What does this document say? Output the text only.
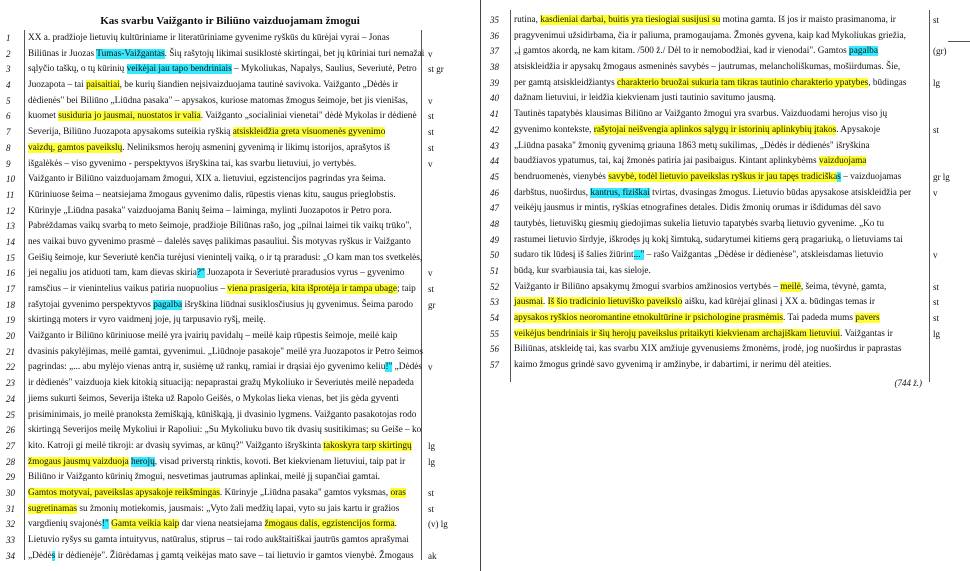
Kas svarbu Vaižganto ir Biliūno vaizduojamam žmogui
1	XX a. pradžioje lietuvių kultūriniame ir literatūriniame gyvenime ryškūs du kūrėjai vyrai – Jonas
2	Biliūnas ir Juozas Tumas-Vaižgantas. Šių rašytojų likimai susiklostė skirtingai, bet jų kūriniai turi nemažai v
3	sąlyčio taškų, o tų kūrinių veikėjai jau tapo bendriniais – Mykoliukas, Napalys, Saulius, Severiutė, Petro st gr
4	Juozapota – tai paisaitiai, be kurių šiandien neįsivaizduojama tautinė savivoka. Vaižganto „Dėdės ir
5	dėdienės" bei Biliūno „Liūdna pasaka" – apysakos, kuriose matomas žmogus šeimoje, bet jis vienišas,	v
6	kuomet susiduria jo jausmai, nuostatos ir valia. Vaižganto „socialiniai vienetai" dėdė Mykolas ir dėdienė st
7	Severija, Biliūno Juozapota apysakoms suteikia ryškią atsiskleidžia greta visuomenės gyvenimo	st
8	vaizdų, gamtos paveikslų. Neliniksmos herojų asmeninį gyvenimą ir likimų istorijos, aprašytos iš	st
9	išgalėkės – viso gyvenimo - perspektyvos išryškina tai, kas svarbu lietuviui, jo vertybės.	v
10	Vaižganto ir Biliūno vaizduojamam žmogui, XIX a. lietuviui, egzistencijos pagrindas yra šeima.
11	Kūriniuose šeima – neatsiejama žmogaus gyvenimo dalis, rūpestis vienas kitu, saugus prieglobstis.
12	Kūrinyje „Liūdna pasaka" vaizduojama Banių šeima – laiminga, mylinti Juozapotos ir Petro pora.
13	Pabrėždamas vaikų svarbą to meto šeimoje, pradžioje Biliūnas rašo, jog „pilnai laimei tik vaikų trūko",
14	nes vaikai buvo gyvenimo prasmė – dalelės savęs palikimas pasauliui. Šis motyvas ryškus ir Vaižganto
15	Geišių šeimoje, kur Severiutė kenčia turėjusi vienintelį vaiką, o ir tą praradusi: „O kam man tos svetkelės,
16	jei negaliu jos atiduoti tam, kam dievas skiria?" Juozapota ir Severiutė praradusios vyrus – gyvenimo	v
17	ramsčius – ir vienintelius vaikus patiria nuopuolius – viena prasigeria, kita išprotėja ir tampa ubage; taip st
18	rašytojai gyvenimo perspektyvos pagalba išryškina liūdnai susiklosčiusius jų gyvenimus. Šeima parodo	gr
19	skirtingą moters ir vyro vaidmenį joje, jų tarpusavio ryšį, meilę.
20	Vaižganto ir Biliūno kūriniuose meilė yra įvairių pavidalų – meilė kaip rūpestis šeimoje, meilė kaip
21	dvasinis pakylėjimas, meilė gamtai, gyvenimui. „Liūdnoje pasakoje" meilė yra Juozapotos ir Petro šeimos
22	pagrindas: „... abu mylėjo vienas antrą ir, susiėmę už rankų, ramiai ir drąsiai ėjo gyvenimo keliu!" „Dėdės v
23	ir dėdienės" vaizduoja kiek kitokią situaciją: nepaprastai gražų Mykoliuko ir Severiutės meilė nepadeda
24	jiems sukurti šeimos, Severija išteka už Rapolo Geišės, o Mykolas lieka vienas, bet jis gėda gyventi
25	prisiminimais, jo meilė pranoksta žemiškąją, kūniškąją, ji dvasinio lygmens. Vaižganto pasakotojas rodo
26	skirtingą Severijos meilę Mykoliui ir Rapoliui: „Su Mykoliuku buvo tik dvasių susitikimas; su Geiše – ko
27	kito. Katroji gi meilė tikroji: ar dvasių syvimas, ar kūnų?" Vaižganto išryškinta takoskyra tarp skirtingų	lg
28	žmogaus jausmų vaizduoja herojų, visad priverstą rinktis, kovoti. Bet kiekvienam lietuviui, taip pat ir	lg
29	Biliūno ir Vaižganto kūrinių žmogui, nesvetimas jautrumas aplinkai, meilė jį supančiai gamtai.
30	Gamtos motyvai, paveikslas apysakoje reikšmingas. Kūrinyje „Liūdna pasaka" gamtos vyksmas, oras	st
31	sugretinamas su žmonių motiekomis, jausmais: „Vyto žali medžių lapai, vyto su jais kartu ir gražios	st
32	vargdienių svajonės!" Gamta veikia kaip dar viena neatsiejama žmogaus dalis, egzistencijos forma.	(v) lg
33	Lietuvio ryšys su gamta intuityvus, natūralus, stiprus – tai rodo aukštaitiškai jautrūs gamtos aprašymai
34	„Dėdės ir dėdienėje". Žiūrėdamas į gamtą veikėjas mato save – tai lietuvio ir gamtos vienybė. Žmogaus	ak
35	rutina, kasdieniai darbai, buitis yra tiesiogiai susijusi su motina gamta. Iš jos ir maisto prasimanoma, ir	st
36	pragyvenimui užsidirbama, čia ir paliuma, pramogaujama. Žmonės gyvena, kaip kad Mykoliukas griežia,
37	„į gamtos akordą, ne kam kitam. /500 ž./ Dėl to ir nemobodžiai, kad ir vienodai". Gamtos pagalba	(gr)
38	atsiskleidžia ir apysakų žmogaus asmeninės savybės – jautrumas, melancholiškumas, mošiirdumas. Šie,
39	per gamtą atsiskleidžiantys charakterio bruožai sukuria tam tikras tautinio charakterio ypatybes, būdingas	lg
40	dažnam lietuviui, ir leidžia kiekvienam justi tautinio savitumo jausmą.
41	Tautinės tapatybės klausimas Biliūno ar Vaižganto žmogui yra svarbus. Vaizduodami herojus viso jų
42	gyvenimo kontekste, rašytojai neišvengia aplinkos sąlygų ir istorinių aplinkybių įtakos. Apysakoje	st
43	„Liūdna pasaka" žmonių gyvenimą griauna 1863 metų sukilimas, „Dėdės ir dėdienės" išryškina
44	baudžiavos ypatumus, tai, kaį žmonės patiria jai pasibaigus. Kintant aplinkybėms vaizduojama
45	bendruomenės, vienybės savybė, todėl lietuvio paveikslas ryškus ir jau tapęs tradiciškas – vaizduojamas	gr lg
46	darbštus, nuoširdus, kantrus, fiziškai tvirtas, dvasingas žmogus. Lietuvio būdas apysakose atsiskleidžia per v
47	veikėjų jausmus ir mintis, ryškias etnografines detales. Didis žmonių orumas ir išdidumas dėl savo
48	tautybės, lietuviškų giesmių giedojimas sukelia lietuvio tapatybės svarbą lietuvio gyvenime. „Ko tu
49	rastumei lietuvio širdyje, iškrodęs jų kokį šimtuką, sudarytumei kitiems gerą pragariuką, o lietuviams tai
50	sudaro tik lūdesį iš šalies žiūrint..." – rašo Vaižgantas „Dėdėse ir dėdienėse", atskleisdamas lietuvio	v
51	būdą, kur svarbiausia tai, kas sieloje.
52	Vaižganto ir Biliūno apsakymų žmogui svarbios amžinosios vertybės – meilė, šeima, tėvynė, gamta,	st
53	jausmai. Iš šio tradicinio lietuviško paveikslo aišku, kad kūrėjai glinasi į XX a. būdingas temas ir	st
54	apysakos ryškios neoromantine etnokultūrine ir psichologine prasmėmis. Tai padeda mums pavers	st
55	veikėjus bendriniais ir šių herojų paveikslus pritaikyti kiekvienam archajiškam lietuviui. Vaižgantas ir	lg
56	Biliūnas, atskleidę tai, kas svarbu XIX amžiuje gyvenusiems žmonėms, įrodė, jog nuoširdus ir paprastas
57	kaimo žmogus grindė savo gyvenimą ir amžinybe, ir dabartimi, ir nerimu dėl ateities.
(744 ž.)
